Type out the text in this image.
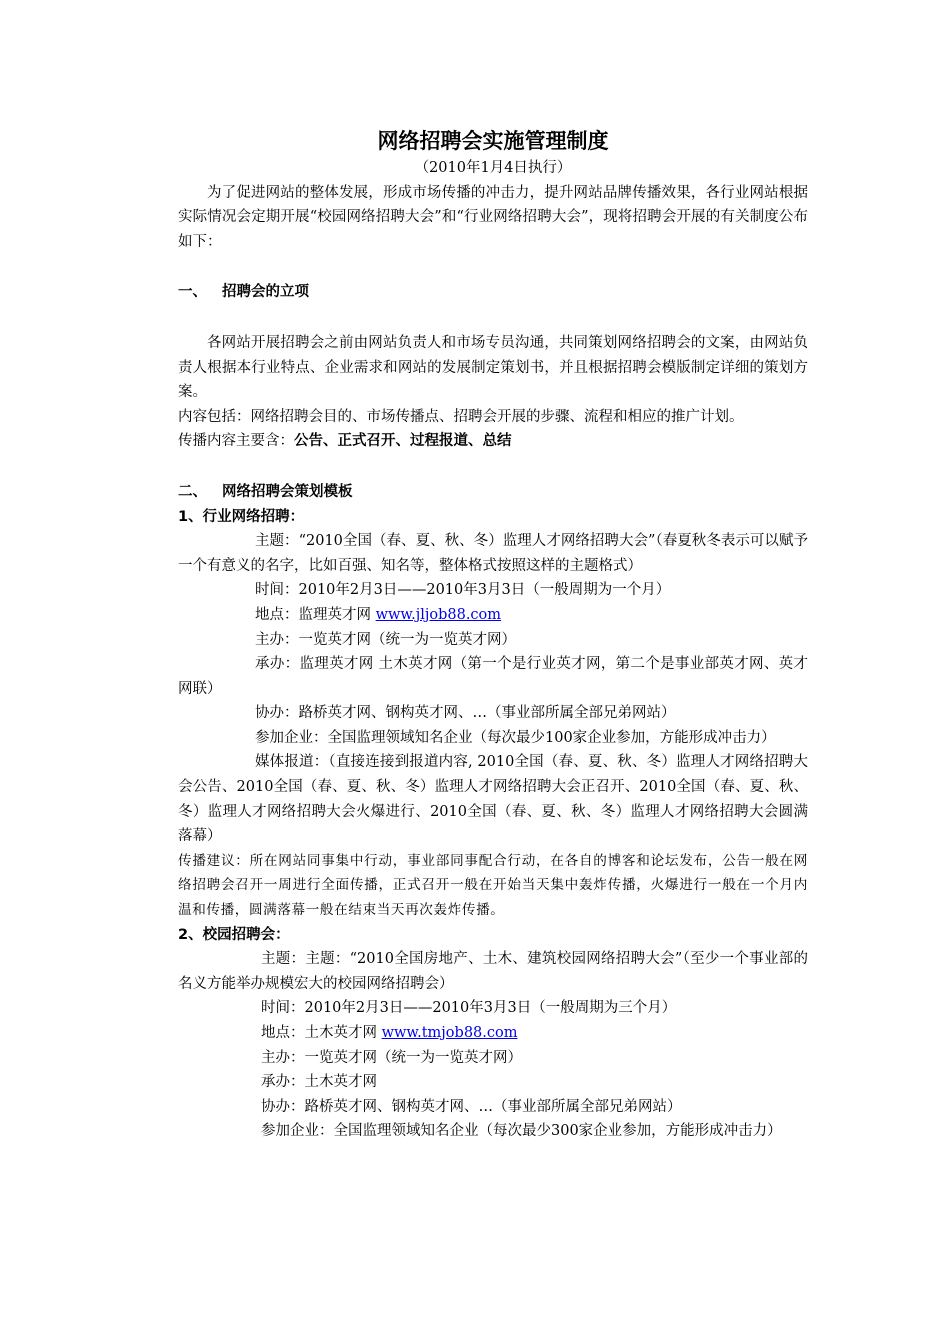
网络招聘会实施管理制度

（2010年1月4日执行）

为了促进网站的整体发展，形成市场传播的冲击力，提升网站品牌传播效果，各行业网站根据实际情况会定期开展“校园网络招聘大会”和“行业网络招聘大会”，现将招聘会开展的有关制度公布如下：

一、 招聘会的立项

各网站开展招聘会之前由网站负责人和市场专员沟通，共同策划网络招聘会的文案，由网站负责人根据本行业特点、企业需求和网站的发展制定策划书，并且根据招聘会模版制定详细的策划方案。

内容包括：网络招聘会目的、市场传播点、招聘会开展的步骤、流程和相应的推广计划。

传播内容主要含：公告、正式召开、过程报道、总结

二、 网络招聘会策划模板

1、行业网络招聘：

主题：“2010全国（春、夏、秋、冬）监理人才网络招聘大会”（春夏秋冬表示可以赋予一个有意义的名字，比如百强、知名等，整体格式按照这样的主题格式）

时间：2010年2月3日——2010年3月3日（一般周期为一个月）

地点：监理英才网 www.jljob88.com

主办：一览英才网（统一为一览英才网）

承办：监理英才网 土木英才网（第一个是行业英才网，第二个是事业部英才网、英才网联）

协办：路桥英才网、钢构英才网、…（事业部所属全部兄弟网站）

参加企业：全国监理领域知名企业（每次最少100家企业参加，方能形成冲击力）

媒体报道：（直接连接到报道内容, 2010全国（春、夏、秋、冬）监理人才网络招聘大会公告、2010全国（春、夏、秋、冬）监理人才网络招聘大会正召开、2010全国（春、夏、秋、冬）监理人才网络招聘大会火爆进行、2010全国（春、夏、秋、冬）监理人才网络招聘大会圆满落幕）

传播建议：所在网站同事集中行动，事业部同事配合行动，在各自的博客和论坛发布，公告一般在网络招聘会召开一周进行全面传播，正式召开一般在开始当天集中轰炸传播，火爆进行一般在一个月内温和传播，圆满落幕一般在结束当天再次轰炸传播。

2、校园招聘会：

主题：主题：“2010全国房地产、土木、建筑校园网络招聘大会”（至少一个事业部的名义方能举办规模宏大的校园网络招聘会）

时间：2010年2月3日——2010年3月3日（一般周期为三个月）

地点：土木英才网 www.tmjob88.com

主办：一览英才网（统一为一览英才网）

承办：土木英才网

协办：路桥英才网、钢构英才网、…（事业部所属全部兄弟网站）

参加企业：全国监理领域知名企业（每次最少300家企业参加，方能形成冲击力）
